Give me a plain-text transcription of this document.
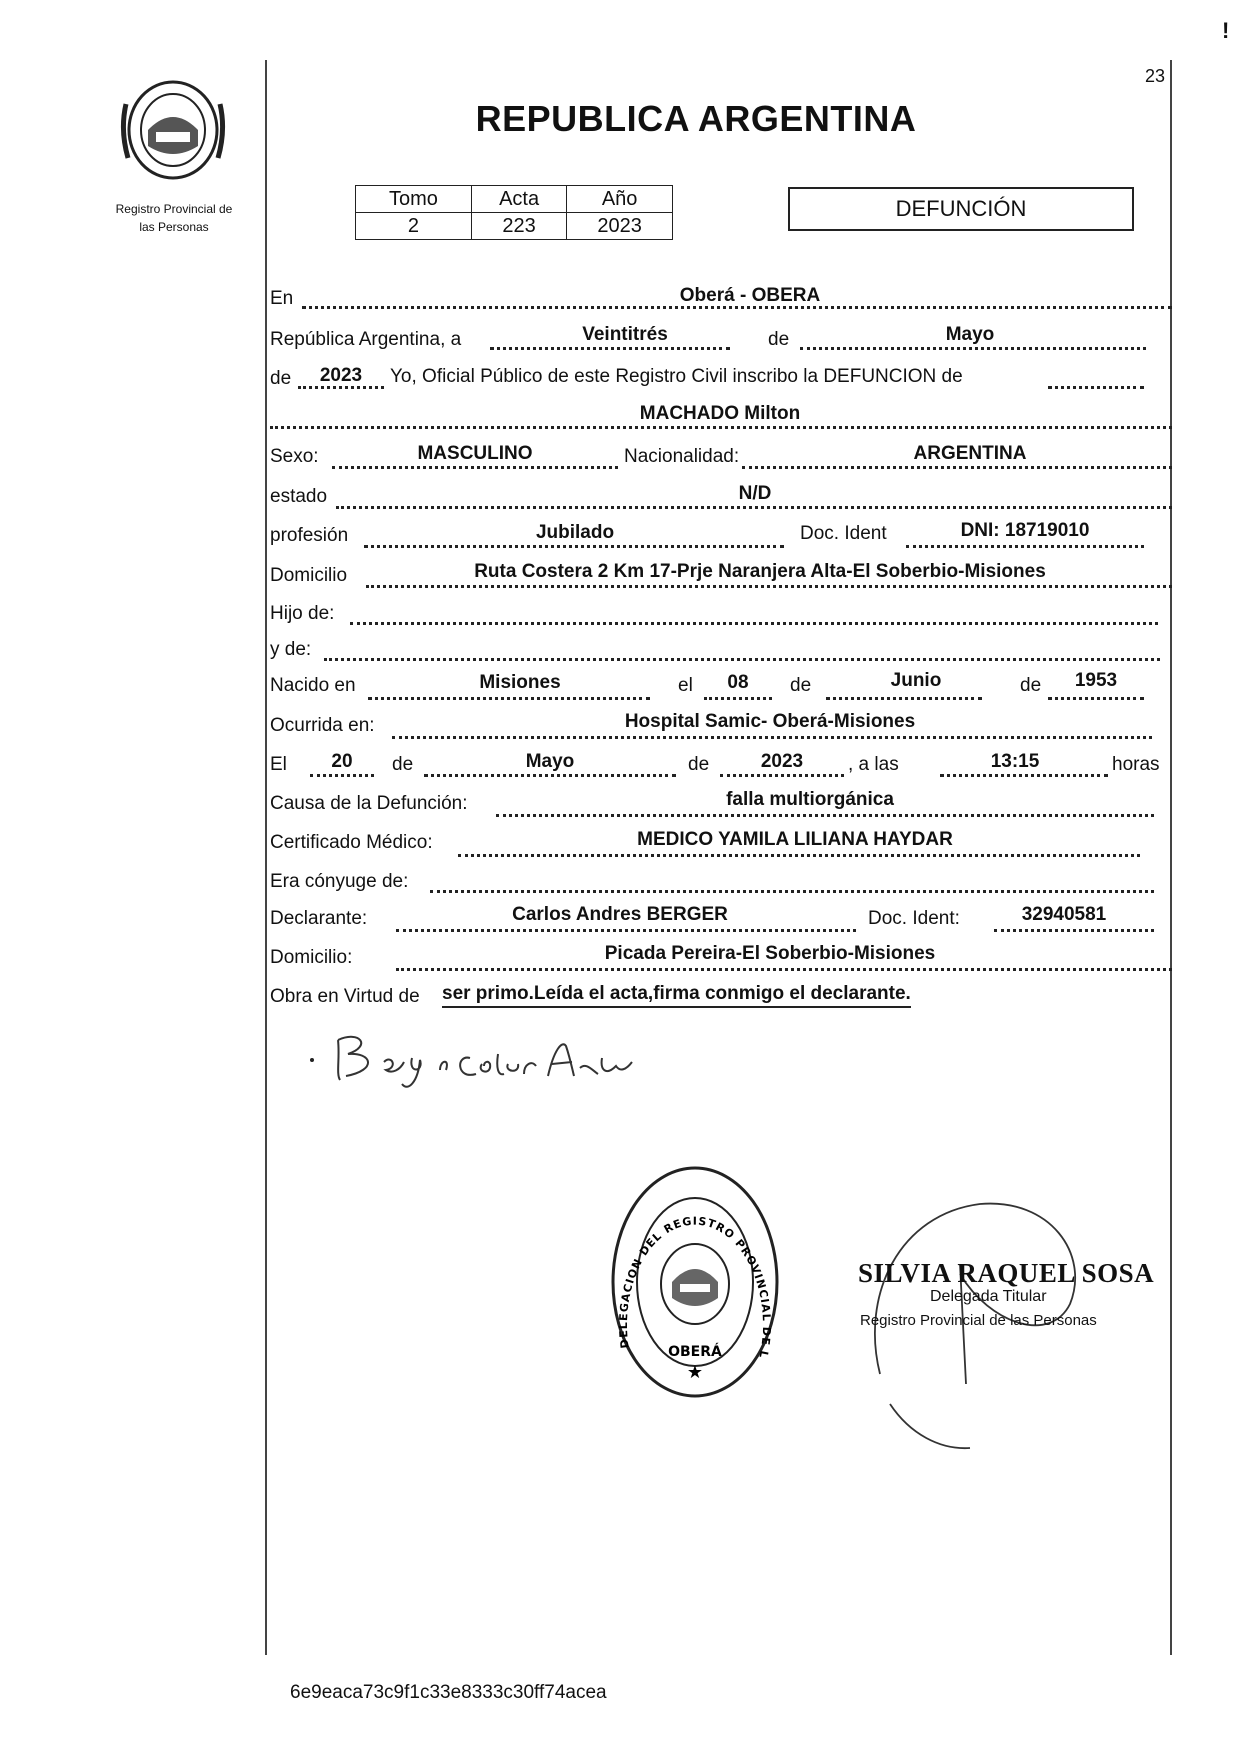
23
!
Registro Provincial de
las Personas
REPUBLICA ARGENTINA
Tomo	Acta	Año
2	223	2023
DEFUNCIÓN
En	Oberá - OBERA
República Argentina, a	Veintitrés	de	Mayo
de	2023	Yo, Oficial Público de este Registro Civil inscribo la DEFUNCION de
MACHADO Milton
Sexo:	MASCULINO	Nacionalidad:	ARGENTINA
estado	N/D
profesión	Jubilado	Doc. Ident	DNI: 18719010
Domicilio	Ruta Costera 2 Km 17-Prje Naranjera Alta-El Soberbio-Misiones
Hijo de:
y de:
Nacido en	Misiones	el	08	de	Junio	de	1953
Ocurrida en:	Hospital Samic- Oberá-Misiones
El	20	de	Mayo	de	2023	, a las	13:15	horas
Causa de la Defunción:	falla multiorgánica
Certificado Médico:	MEDICO YAMILA LILIANA HAYDAR
Era cónyuge de:
Declarante:	Carlos Andres BERGER	Doc. Ident:	32940581
Domicilio:	Picada Pereira-El Soberbio-Misiones
Obra en Virtud de ser primo.Leída el acta,firma conmigo el declarante.
OBERÁ
★
DELEGACION DEL REGISTRO PROVINCIAL DE L
SILVIA RAQUEL SOSA
Delegada Titular
Registro Provincial de las Personas
6e9eaca73c9f1c33e8333c30ff74acea
